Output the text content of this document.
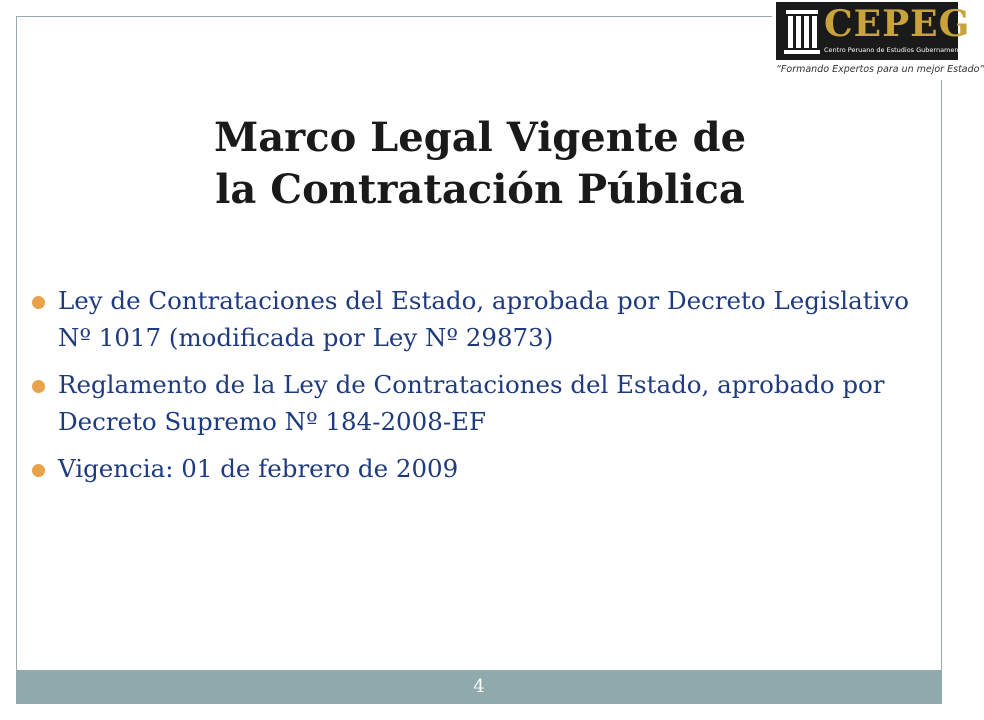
CEPEG
Centro Peruano de Estudios Gubernamentales
“Formando Expertos para un mejor Estado”
Marco Legal Vigente de
la Contratación Pública
Ley de Contrataciones del Estado, aprobada por Decreto Legislativo Nº 1017 (modificada por Ley Nº 29873)
Reglamento de la Ley de Contrataciones del Estado, aprobado por Decreto Supremo Nº 184-2008-EF
Vigencia: 01 de febrero de 2009
4
